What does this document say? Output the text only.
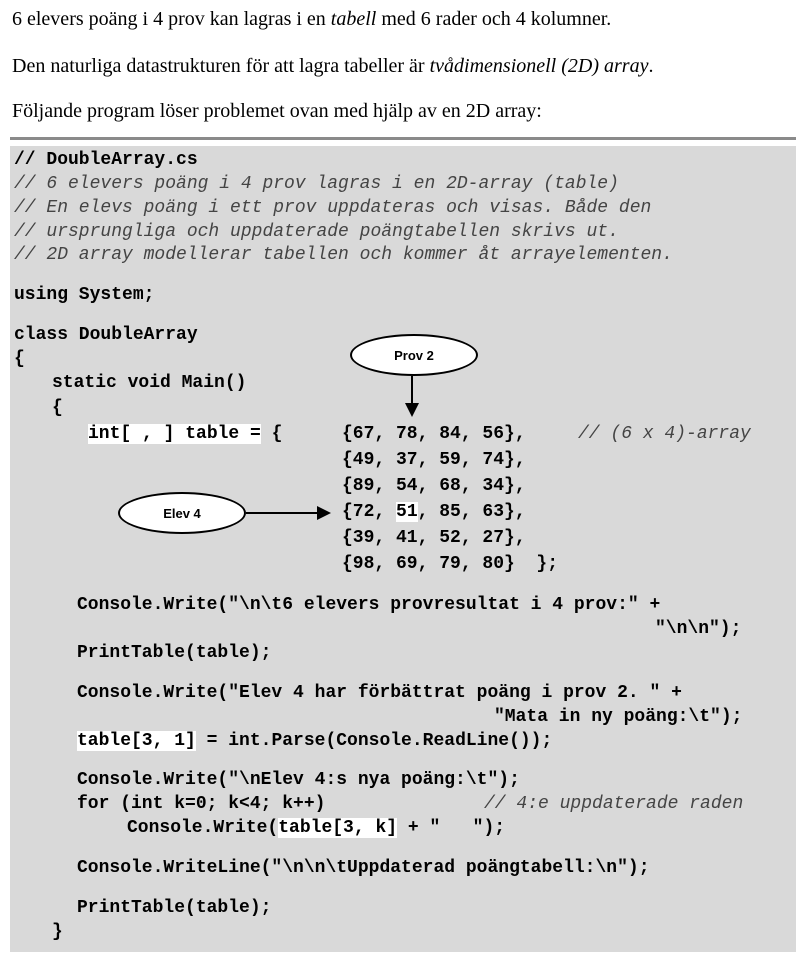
6 elevers poäng i 4 prov kan lagras i en tabell med 6 rader och 4 kolumner.

Den naturliga datastrukturen för att lagra tabeller är tvådimensionell (2D) array.

Följande program löser problemet ovan med hjälp av en 2D array:

// DoubleArray.cs
// 6 elevers poäng i 4 prov lagras i en 2D-array (table)
// En elevs poäng i ett prov uppdateras och visas. Både den
// ursprungliga och uppdaterade poängtabellen skrivs ut.
// 2D array modellerar tabellen och kommer åt arrayelementen.
using System;
class DoubleArray
{
static void Main()
{
int[ , ] table = {	{67, 78, 84, 56},	// (6 x 4)-array
{49, 37, 59, 74},
{89, 54, 68, 34},
{72, 51, 85, 63},
{39, 41, 52, 27},
{98, 69, 79, 80}  };
Console.Write("\n\t6 elevers provresultat i 4 prov:" +
"\n\n");
PrintTable(table);
Console.Write("Elev 4 har förbättrat poäng i prov 2. " +
"Mata in ny poäng:\t");
table[3, 1] = int.Parse(Console.ReadLine());
Console.Write("\nElev 4:s nya poäng:\t");
for (int k=0; k<4; k++)	// 4:e uppdaterade raden
Console.Write(table[3, k] + "   ");
Console.WriteLine("\n\n\tUppdaterad poängtabell:\n");
PrintTable(table);
}
Prov 2
Elev 4
